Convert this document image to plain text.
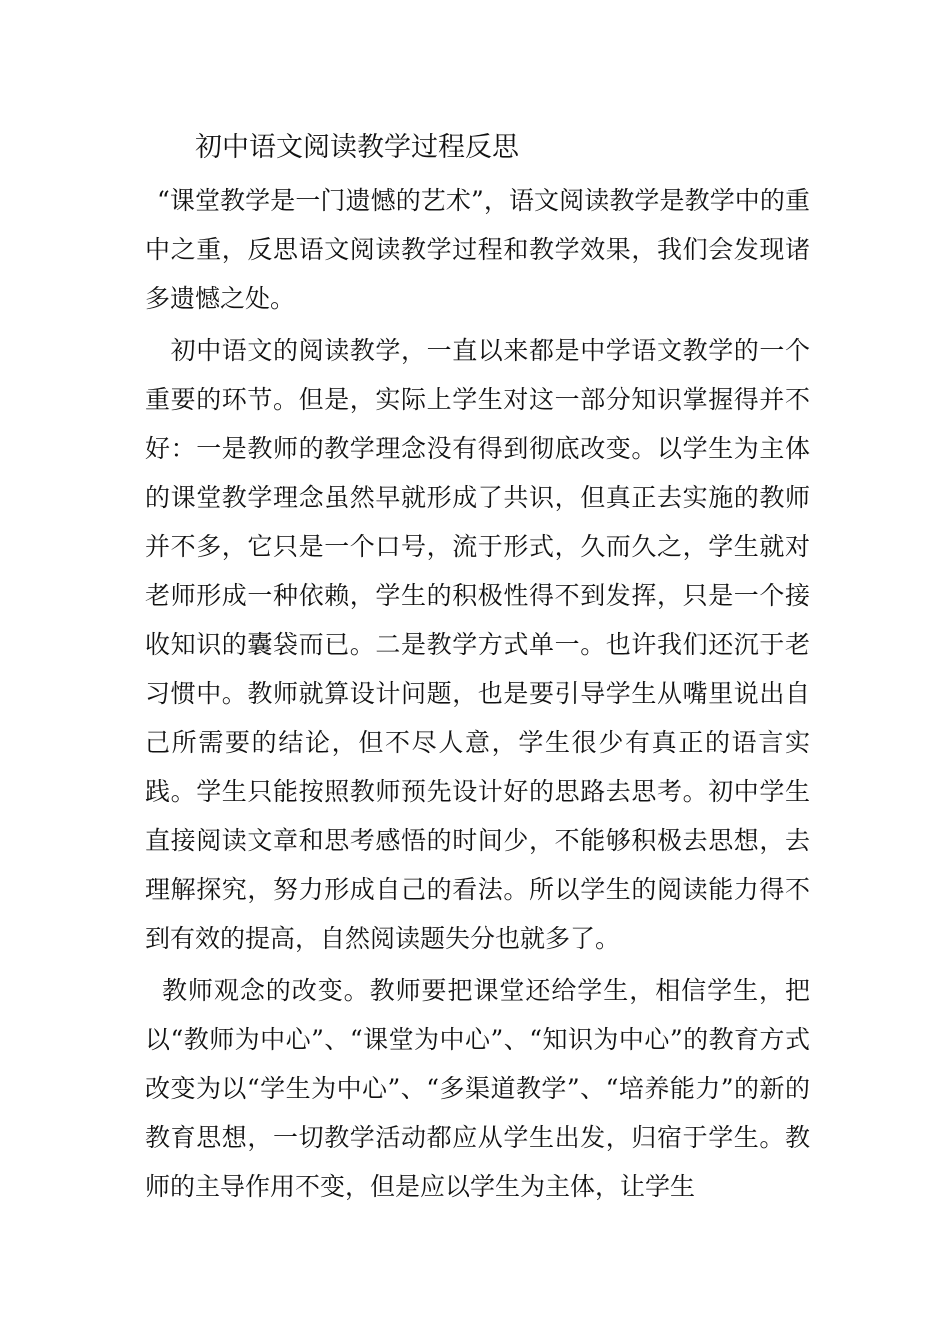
初中语文阅读教学过程反思

“课堂教学是一门遗憾的艺术”，语文阅读教学是教学中的重中之重，反思语文阅读教学过程和教学效果，我们会发现诸多遗憾之处。

初中语文的阅读教学，一直以来都是中学语文教学的一个重要的环节。但是，实际上学生对这一部分知识掌握得并不好：一是教师的教学理念没有得到彻底改变。以学生为主体的课堂教学理念虽然早就形成了共识，但真正去实施的教师并不多，它只是一个口号，流于形式，久而久之，学生就对老师形成一种依赖，学生的积极性得不到发挥，只是一个接收知识的囊袋而已。二是教学方式单一。也许我们还沉于老习惯中。教师就算设计问题，也是要引导学生从嘴里说出自己所需要的结论，但不尽人意，学生很少有真正的语言实践。学生只能按照教师预先设计好的思路去思考。初中学生直接阅读文章和思考感悟的时间少，不能够积极去思想，去理解探究，努力形成自己的看法。所以学生的阅读能力得不到有效的提高，自然阅读题失分也就多了。

教师观念的改变。教师要把课堂还给学生，相信学生，把以“教师为中心”、“课堂为中心”、“知识为中心”的教育方式改变为以“学生为中心”、“多渠道教学”、“培养能力”的新的教育思想，一切教学活动都应从学生出发，归宿于学生。教师的主导作用不变，但是应以学生为主体，让学生
